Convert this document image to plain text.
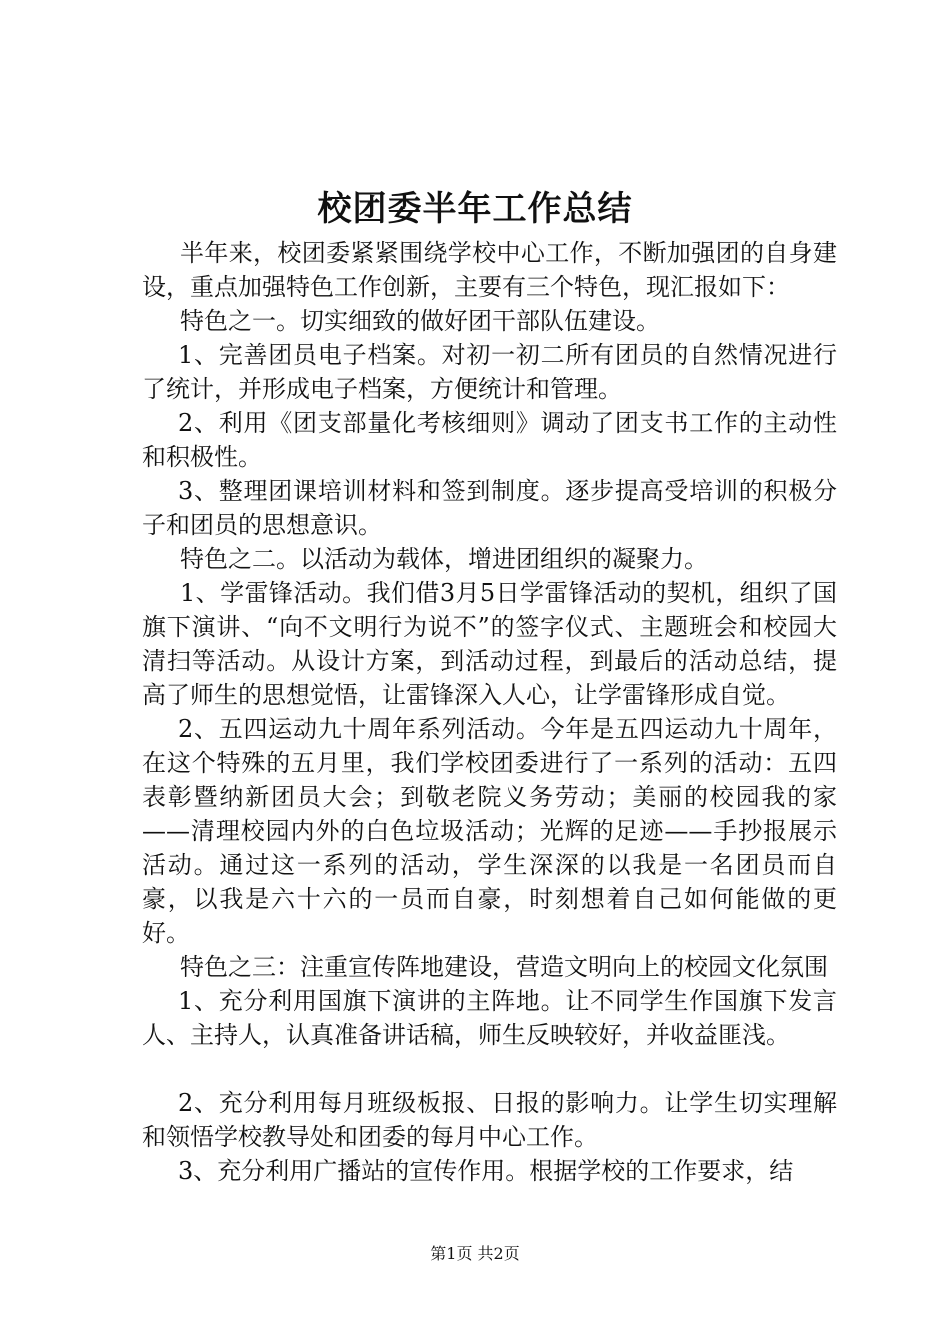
校团委半年工作总结

半年来，校团委紧紧围绕学校中心工作，不断加强团的自身建设，重点加强特色工作创新，主要有三个特色，现汇报如下：

特色之一。切实细致的做好团干部队伍建设。

1、完善团员电子档案。对初一初二所有团员的自然情况进行了统计，并形成电子档案，方便统计和管理。

2、利用《团支部量化考核细则》调动了团支书工作的主动性和积极性。

3、整理团课培训材料和签到制度。逐步提高受培训的积极分子和团员的思想意识。

特色之二。以活动为载体，增进团组织的凝聚力。

1、学雷锋活动。我们借3月5日学雷锋活动的契机，组织了国旗下演讲、“向不文明行为说不”的签字仪式、主题班会和校园大清扫等活动。从设计方案，到活动过程，到最后的活动总结，提高了师生的思想觉悟，让雷锋深入人心，让学雷锋形成自觉。

2、五四运动九十周年系列活动。今年是五四运动九十周年，在这个特殊的五月里，我们学校团委进行了一系列的活动：五四表彰暨纳新团员大会；到敬老院义务劳动；美丽的校园我的家——清理校园内外的白色垃圾活动；光辉的足迹——手抄报展示活动。通过这一系列的活动，学生深深的以我是一名团员而自豪，以我是六十六的一员而自豪，时刻想着自己如何能做的更好。

特色之三：注重宣传阵地建设，营造文明向上的校园文化氛围

1、充分利用国旗下演讲的主阵地。让不同学生作国旗下发言人、主持人，认真准备讲话稿，师生反映较好，并收益匪浅。

2、充分利用每月班级板报、日报的影响力。让学生切实理解和领悟学校教导处和团委的每月中心工作。

3、充分利用广播站的宣传作用。根据学校的工作要求，结

第1页 共2页
